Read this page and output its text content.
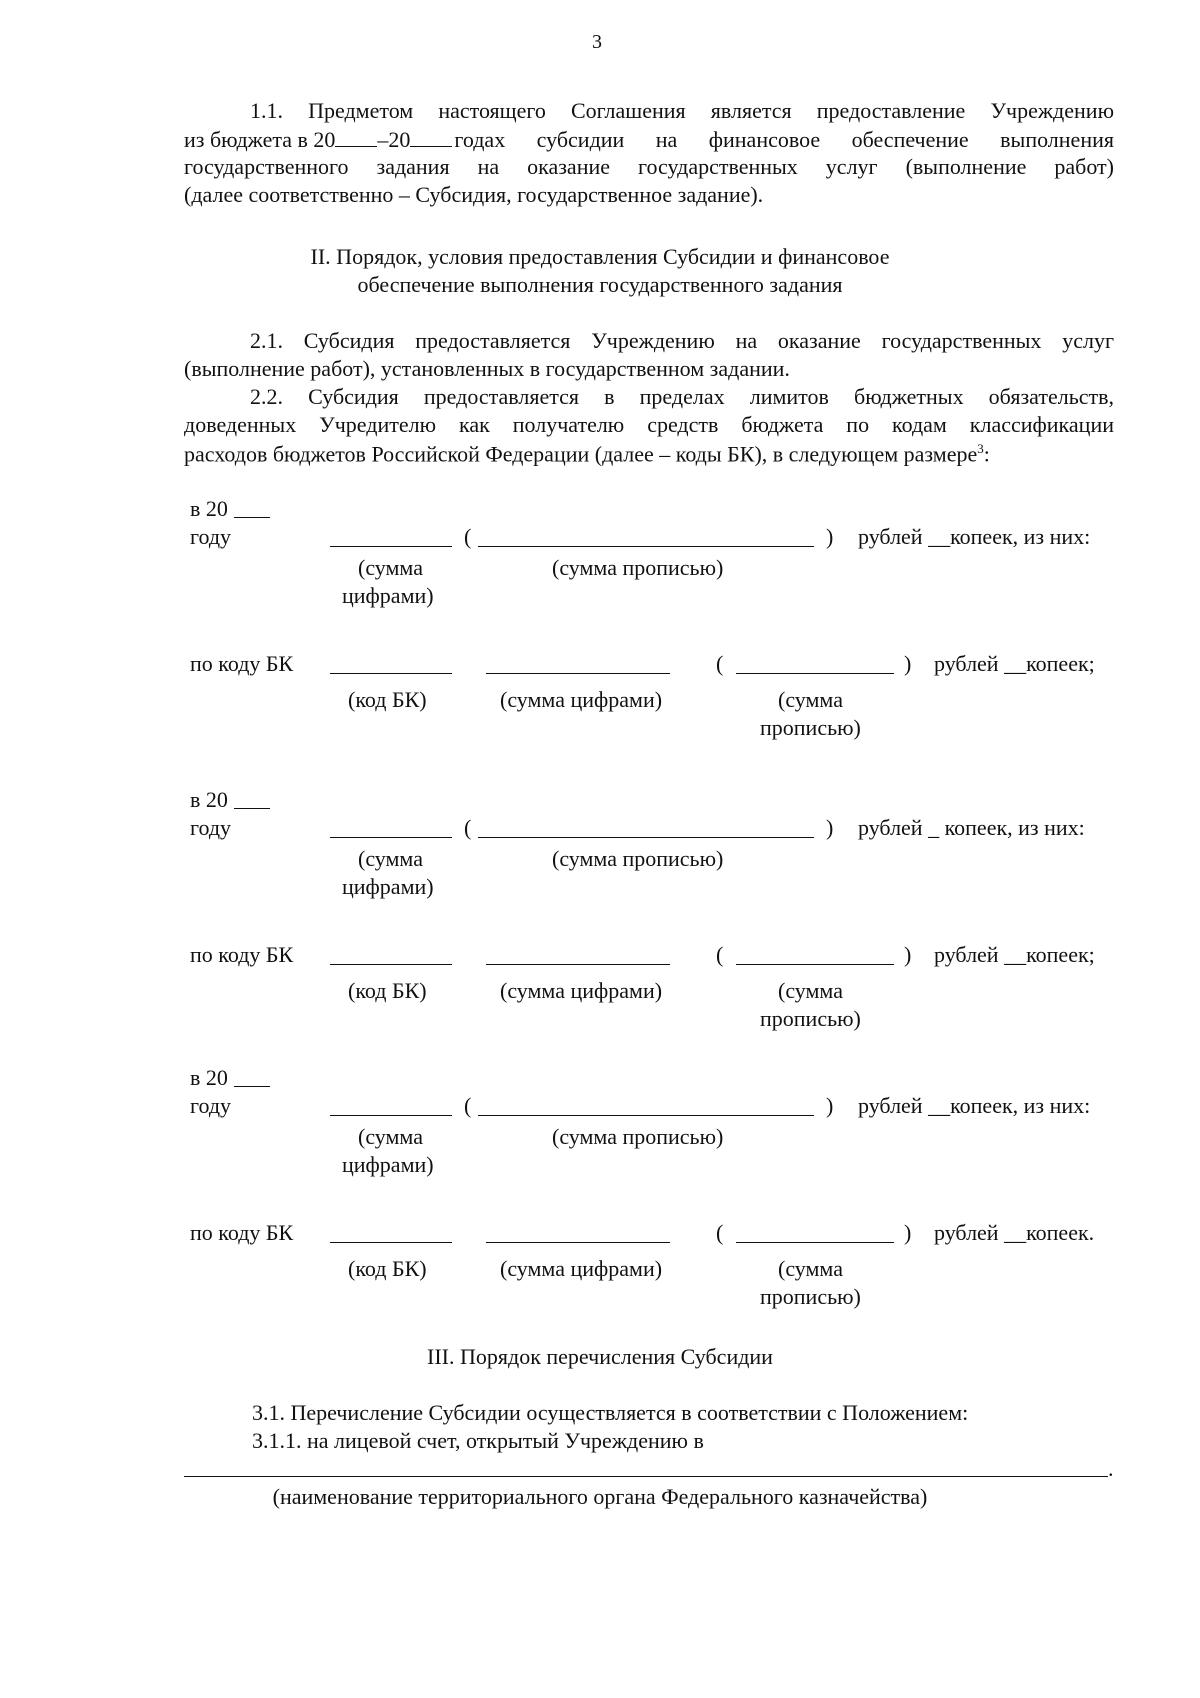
3
1.1. Предметом настоящего Соглашения является предоставление Учреждению
из бюджета в 20 –20 годах субсидии на финансовое обеспечение выполнения
государственного задания на оказание государственных услуг (выполнение работ)
(далее соответственно – Субсидия, государственное задание).
II. Порядок, условия предоставления Субсидии и финансовое
обеспечение выполнения государственного задания
2.1. Субсидия предоставляется Учреждению на оказание государственных услуг
(выполнение работ), установленных в государственном задании.
2.2. Субсидия предоставляется в пределах лимитов бюджетных обязательств,
доведенных Учредителю как получателю средств бюджета по кодам классификации
расходов бюджетов Российской Федерации (далее – коды БК), в следующем размере$^3$:
в 20
году	(	) рублей __копеек, из них:
(сумма
цифрами)
(сумма прописью)
по коду БК	(	) рублей __копеек;
(код БК)	(сумма цифрами)	(сумма
прописью)
в 20
году	(	) рублей _ копеек, из них:
(сумма
цифрами)
(сумма прописью)
по коду БК	(	) рублей __копеек;
(код БК)	(сумма цифрами)	(сумма
прописью)
в 20
году	(	) рублей __копеек, из них:
(сумма
цифрами)
(сумма прописью)
по коду БК	(	) рублей __копеек.
(код БК)	(сумма цифрами)	(сумма
прописью)
III. Порядок перечисления Субсидии
3.1. Перечисление Субсидии осуществляется в соответствии с Положением:
3.1.1. на лицевой счет, открытый Учреждению в
.
(наименование территориального органа Федерального казначейства)
